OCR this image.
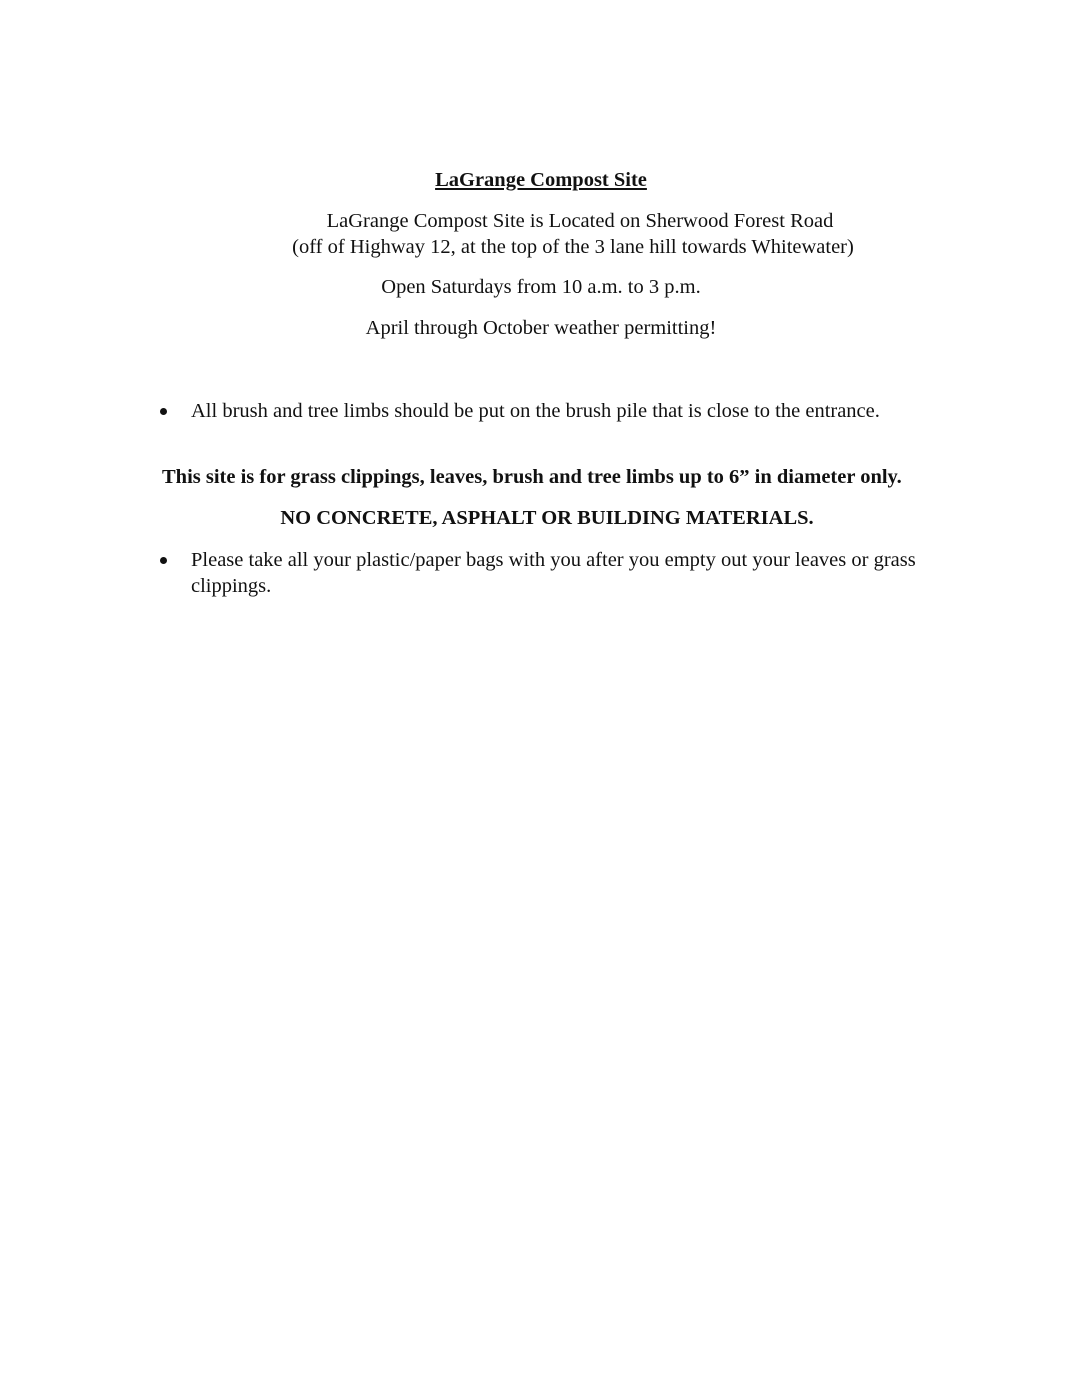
LaGrange Compost Site
LaGrange Compost Site is Located on Sherwood Forest Road
(off of Highway 12, at the top of the 3 lane hill towards Whitewater)
Open Saturdays from 10 a.m. to 3 p.m.
April through October weather permitting!
All brush and tree limbs should be put on the brush pile that is close to the entrance.
This site is for grass clippings, leaves, brush and tree limbs up to 6” in diameter only.
NO CONCRETE, ASPHALT OR BUILDING MATERIALS.
Please take all your plastic/paper bags with you after you empty out your leaves or grass clippings.
